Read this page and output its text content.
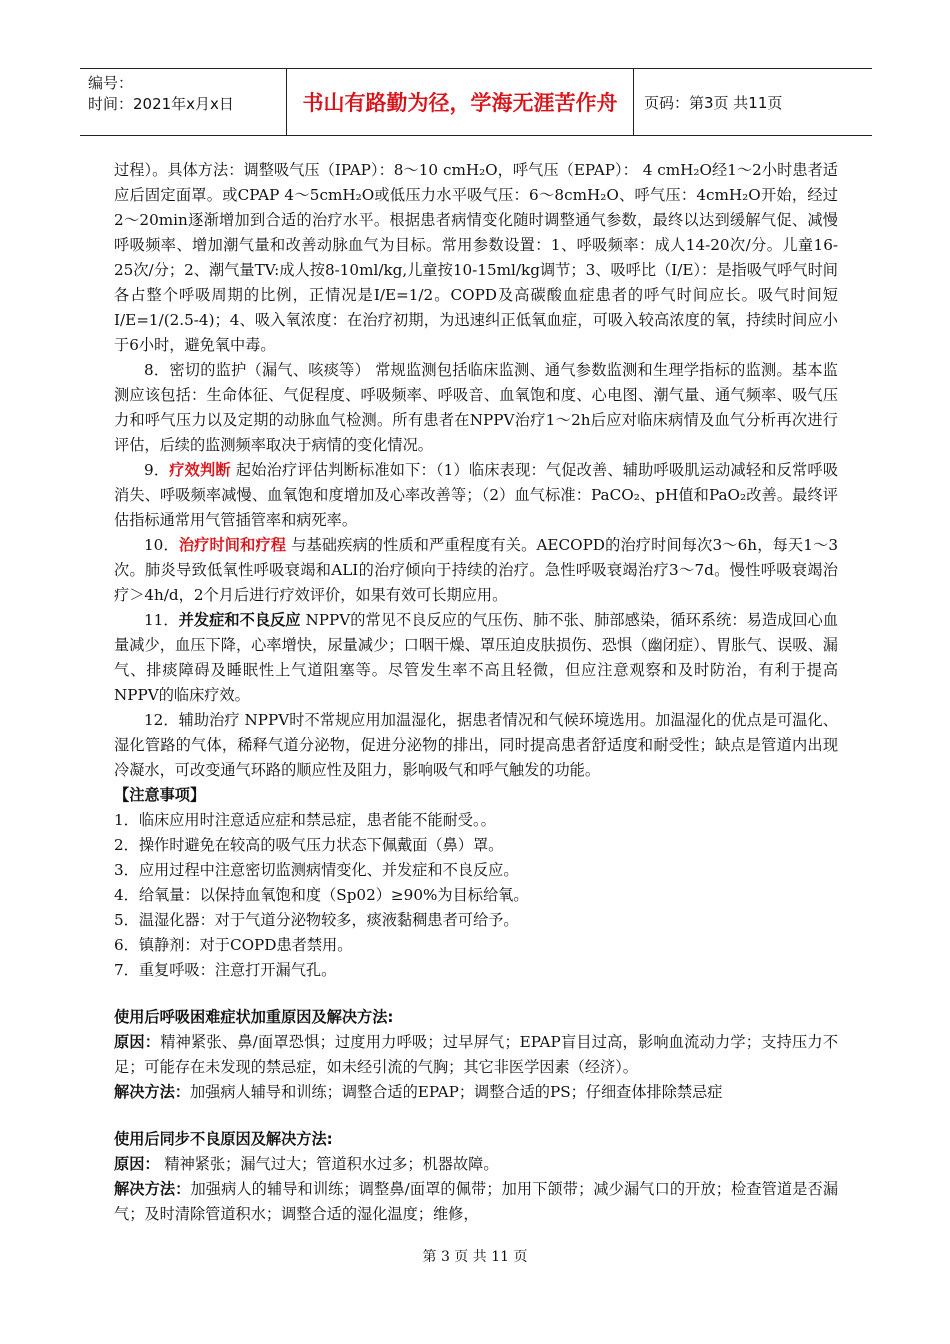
编号：
时间：2021年x月x日	书山有路勤为径，学海无涯苦作舟	页码：第3页 共11页

过程）。具体方法：调整吸气压（IPAP）：8～10 cmH₂O，呼气压（EPAP）： 4 cmH₂O经1～2小时患者适应后固定面罩。或CPAP 4～5cmH₂O或低压力水平吸气压：6～8cmH₂O、呼气压：4cmH₂O开始，经过2～20min逐渐增加到合适的治疗水平。根据患者病情变化随时调整通气参数，最终以达到缓解气促、减慢呼吸频率、增加潮气量和改善动脉血气为目标。常用参数设置：1、呼吸频率：成人14-20次/分。儿童16-25次/分；2、潮气量TV:成人按8-10ml/kg,儿童按10-15ml/kg调节；3、吸呼比（I/E）：是指吸气呼气时间各占整个呼吸周期的比例，正情况是I/E=1/2。COPD及高碳酸血症患者的呼气时间应长。吸气时间短I/E=1/(2.5-4)；4、吸入氧浓度：在治疗初期，为迅速纠正低氧血症，可吸入较高浓度的氧，持续时间应小于6小时，避免氧中毒。

8．密切的监护（漏气、咳痰等） 常规监测包括临床监测、通气参数监测和生理学指标的监测。基本监测应该包括：生命体征、气促程度、呼吸频率、呼吸音、血氧饱和度、心电图、潮气量、通气频率、吸气压力和呼气压力以及定期的动脉血气检测。所有患者在NPPV治疗1～2h后应对临床病情及血气分析再次进行评估，后续的监测频率取决于病情的变化情况。

9．疗效判断 起始治疗评估判断标准如下：（1）临床表现：气促改善、辅助呼吸肌运动减轻和反常呼吸消失、呼吸频率减慢、血氧饱和度增加及心率改善等；（2）血气标准：PaCO₂、pH值和PaO₂改善。最终评估指标通常用气管插管率和病死率。

10．治疗时间和疗程 与基础疾病的性质和严重程度有关。AECOPD的治疗时间每次3～6h，每天1～3次。肺炎导致低氧性呼吸衰竭和ALI的治疗倾向于持续的治疗。急性呼吸衰竭治疗3～7d。慢性呼吸衰竭治疗＞4h/d，2个月后进行疗效评价，如果有效可长期应用。

11．并发症和不良反应 NPPV的常见不良反应的气压伤、肺不张、肺部感染，循环系统：易造成回心血量减少，血压下降，心率增快，尿量减少；口咽干燥、罩压迫皮肤损伤、恐惧（幽闭症）、胃胀气、误吸、漏气、排痰障碍及睡眠性上气道阻塞等。尽管发生率不高且轻微，但应注意观察和及时防治，有利于提高NPPV的临床疗效。

12．辅助治疗 NPPV时不常规应用加温湿化，据患者情况和气候环境选用。加温湿化的优点是可温化、湿化管路的气体，稀释气道分泌物，促进分泌物的排出，同时提高患者舒适度和耐受性；缺点是管道内出现冷凝水，可改变通气环路的顺应性及阻力，影响吸气和呼气触发的功能。

【注意事项】

1．临床应用时注意适应症和禁忌症，患者能不能耐受。。

2．操作时避免在较高的吸气压力状态下佩戴面（鼻）罩。

3．应用过程中注意密切监测病情变化、并发症和不良反应。

4．给氧量：以保持血氧饱和度（Sp02）≥90%为目标给氧。

5．温湿化器：对于气道分泌物较多，痰液黏稠患者可给予。

6．镇静剂：对于COPD患者禁用。

7．重复呼吸：注意打开漏气孔。

使用后呼吸困难症状加重原因及解决方法:

原因：精神紧张、鼻/面罩恐惧；过度用力呼吸；过早屏气；EPAP盲目过高，影响血流动力学；支持压力不足；可能存在未发现的禁忌症，如未经引流的气胸；其它非医学因素（经济）。

解决方法：加强病人辅导和训练；调整合适的EPAP；调整合适的PS；仔细查体排除禁忌症

使用后同步不良原因及解决方法:

原因： 精神紧张；漏气过大；管道积水过多；机器故障。

解决方法：加强病人的辅导和训练；调整鼻/面罩的佩带；加用下颌带；减少漏气口的开放；检查管道是否漏气；及时清除管道积水；调整合适的湿化温度；维修，

第 3 页 共 11 页
